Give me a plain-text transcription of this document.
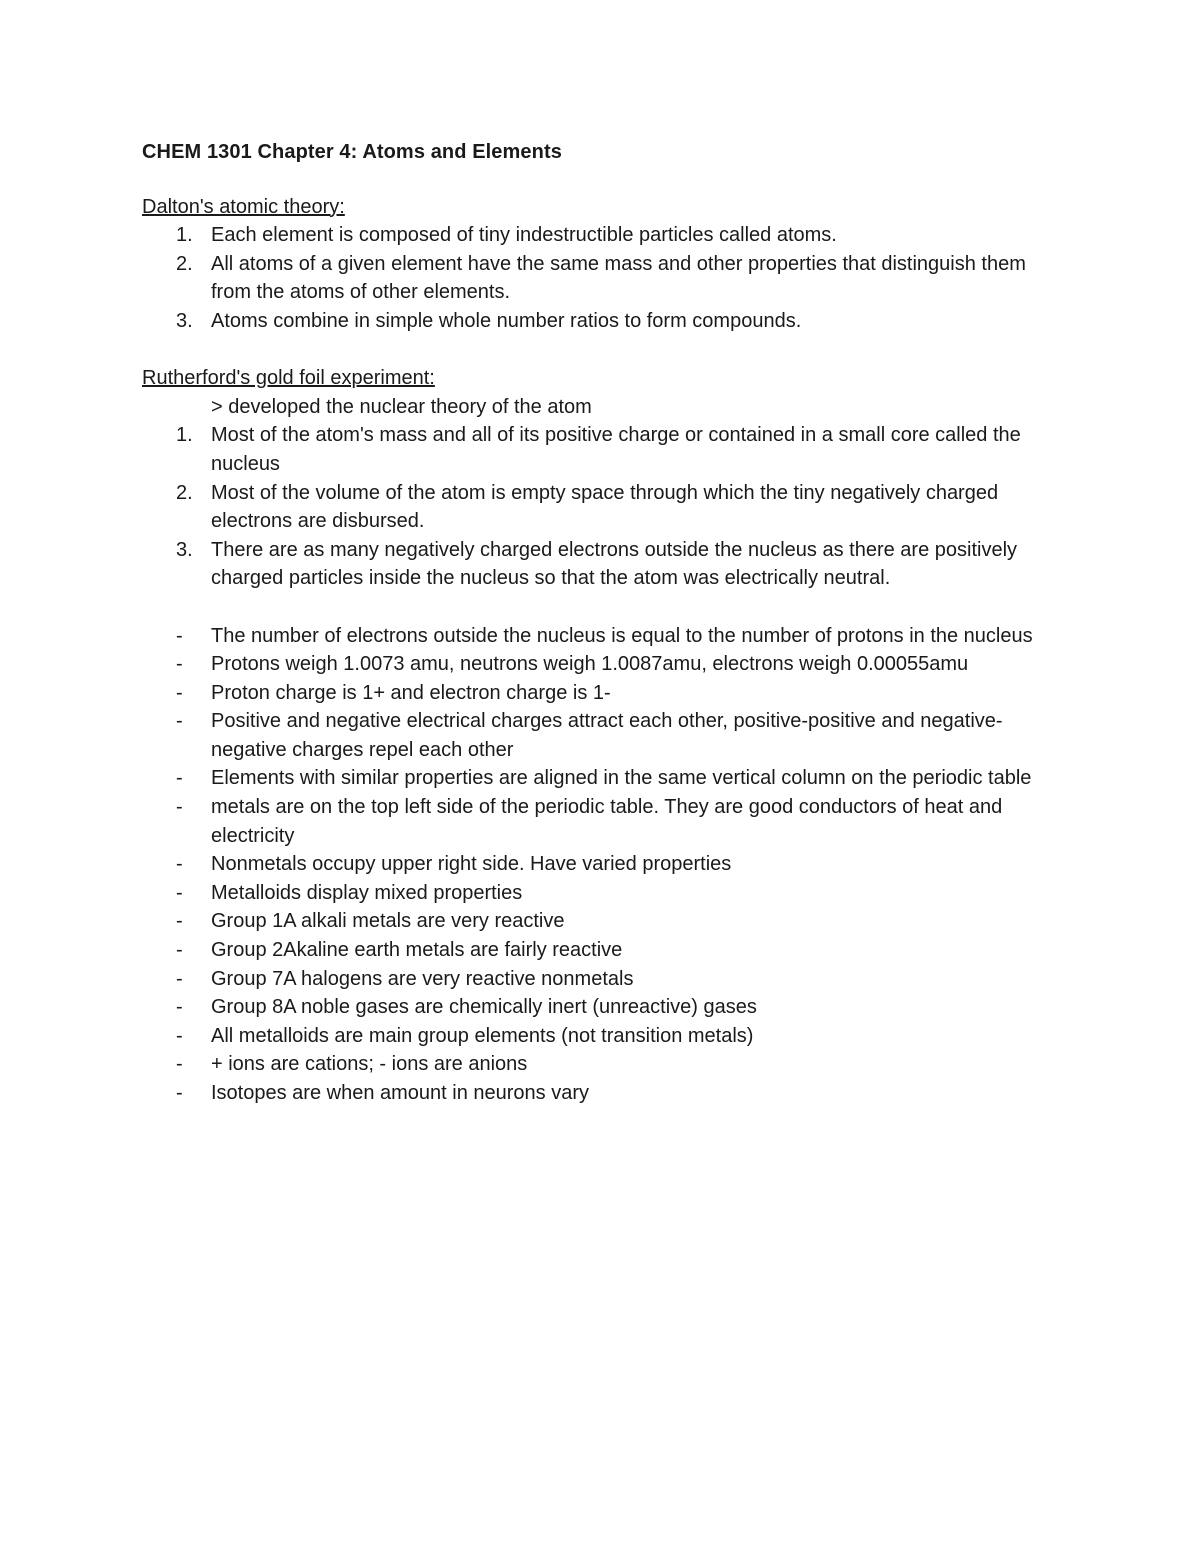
CHEM 1301 Chapter 4: Atoms and Elements
Dalton's atomic theory:
1. Each element is composed of tiny indestructible particles called atoms.
2. All atoms of a given element have the same mass and other properties that distinguish them from the atoms of other elements.
3. Atoms combine in simple whole number ratios to form compounds.
Rutherford's gold foil experiment:
> developed the nuclear theory of the atom
1. Most of the atom's mass and all of its positive charge or contained in a small core called the nucleus
2. Most of the volume of the atom is empty space through which the tiny negatively charged electrons are disbursed.
3. There are as many negatively charged electrons outside the nucleus as there are positively charged particles inside the nucleus so that the atom was electrically neutral.
- The number of electrons outside the nucleus is equal to the number of protons in the nucleus
- Protons weigh 1.0073 amu, neutrons weigh 1.0087amu, electrons weigh 0.00055amu
- Proton charge is 1+ and electron charge is 1-
- Positive and negative electrical charges attract each other, positive-positive and negative-negative charges repel each other
- Elements with similar properties are aligned in the same vertical column on the periodic table
- metals are on the top left side of the periodic table. They are good conductors of heat and electricity
- Nonmetals occupy upper right side. Have varied properties
- Metalloids display mixed properties
- Group 1A alkali metals are very reactive
- Group 2Akaline earth metals are fairly reactive
- Group 7A halogens are very reactive nonmetals
- Group 8A noble gases are chemically inert (unreactive) gases
- All metalloids are main group elements (not transition metals)
- + ions are cations; - ions are anions
- Isotopes are when amount in neurons vary
